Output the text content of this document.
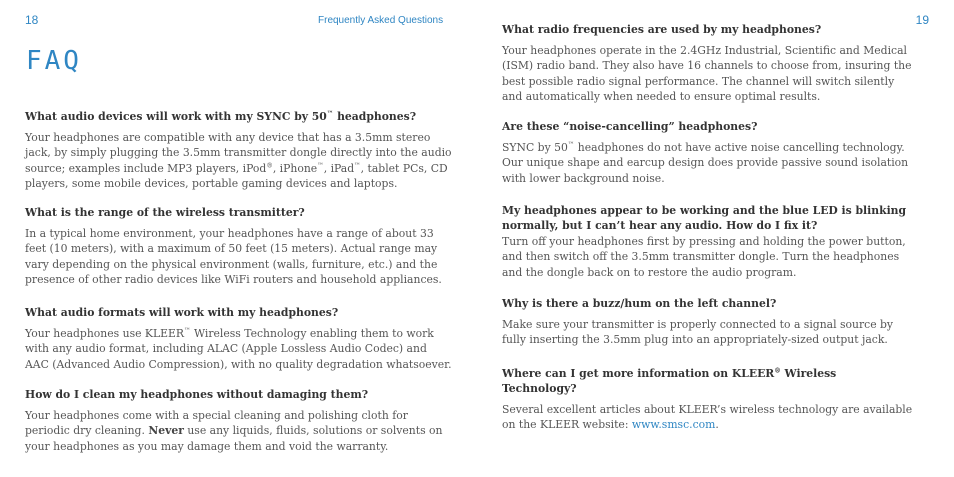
18	Frequently Asked Questions
FAQ

What audio devices will work with my SYNC by 50™ headphones?

Your headphones are compatible with any device that has a 3.5mm stereo jack, by simply plugging the 3.5mm transmitter dongle directly into the audio source; examples include MP3 players, iPod®, iPhone™, iPad™, tablet PCs, CD players, some mobile devices, portable gaming devices and laptops.

What is the range of the wireless transmitter?

In a typical home environment, your headphones have a range of about 33 feet (10 meters), with a maximum of 50 feet (15 meters). Actual range may vary depending on the physical environment (walls, furniture, etc.) and the presence of other radio devices like WiFi routers and household appliances.

What audio formats will work with my headphones?

Your headphones use KLEER™ Wireless Technology enabling them to work with any audio format, including ALAC (Apple Lossless Audio Codec) and AAC (Advanced Audio Compression), with no quality degradation whatsoever.

How do I clean my headphones without damaging them?

Your headphones come with a special cleaning and polishing cloth for periodic dry cleaning. Never use any liquids, fluids, solutions or solvents on your headphones as you may damage them and void the warranty.

19

What radio frequencies are used by my headphones?

Your headphones operate in the 2.4GHz Industrial, Scientific and Medical (ISM) radio band. They also have 16 channels to choose from, insuring the best possible radio signal performance. The channel will switch silently and automatically when needed to ensure optimal results.

Are these “noise-cancelling” headphones?

SYNC by 50™ headphones do not have active noise cancelling technology. Our unique shape and earcup design does provide passive sound isolation with lower background noise.

My headphones appear to be working and the blue LED is blinking normally, but I can’t hear any audio. How do I fix it?

Turn off your headphones first by pressing and holding the power button, and then switch off the 3.5mm transmitter dongle. Turn the headphones and the dongle back on to restore the audio program.

Why is there a buzz/hum on the left channel?

Make sure your transmitter is properly connected to a signal source by fully inserting the 3.5mm plug into an appropriately-sized output jack.

Where can I get more information on KLEER® Wireless Technology?

Several excellent articles about KLEER’s wireless technology are available on the KLEER website: www.smsc.com.
